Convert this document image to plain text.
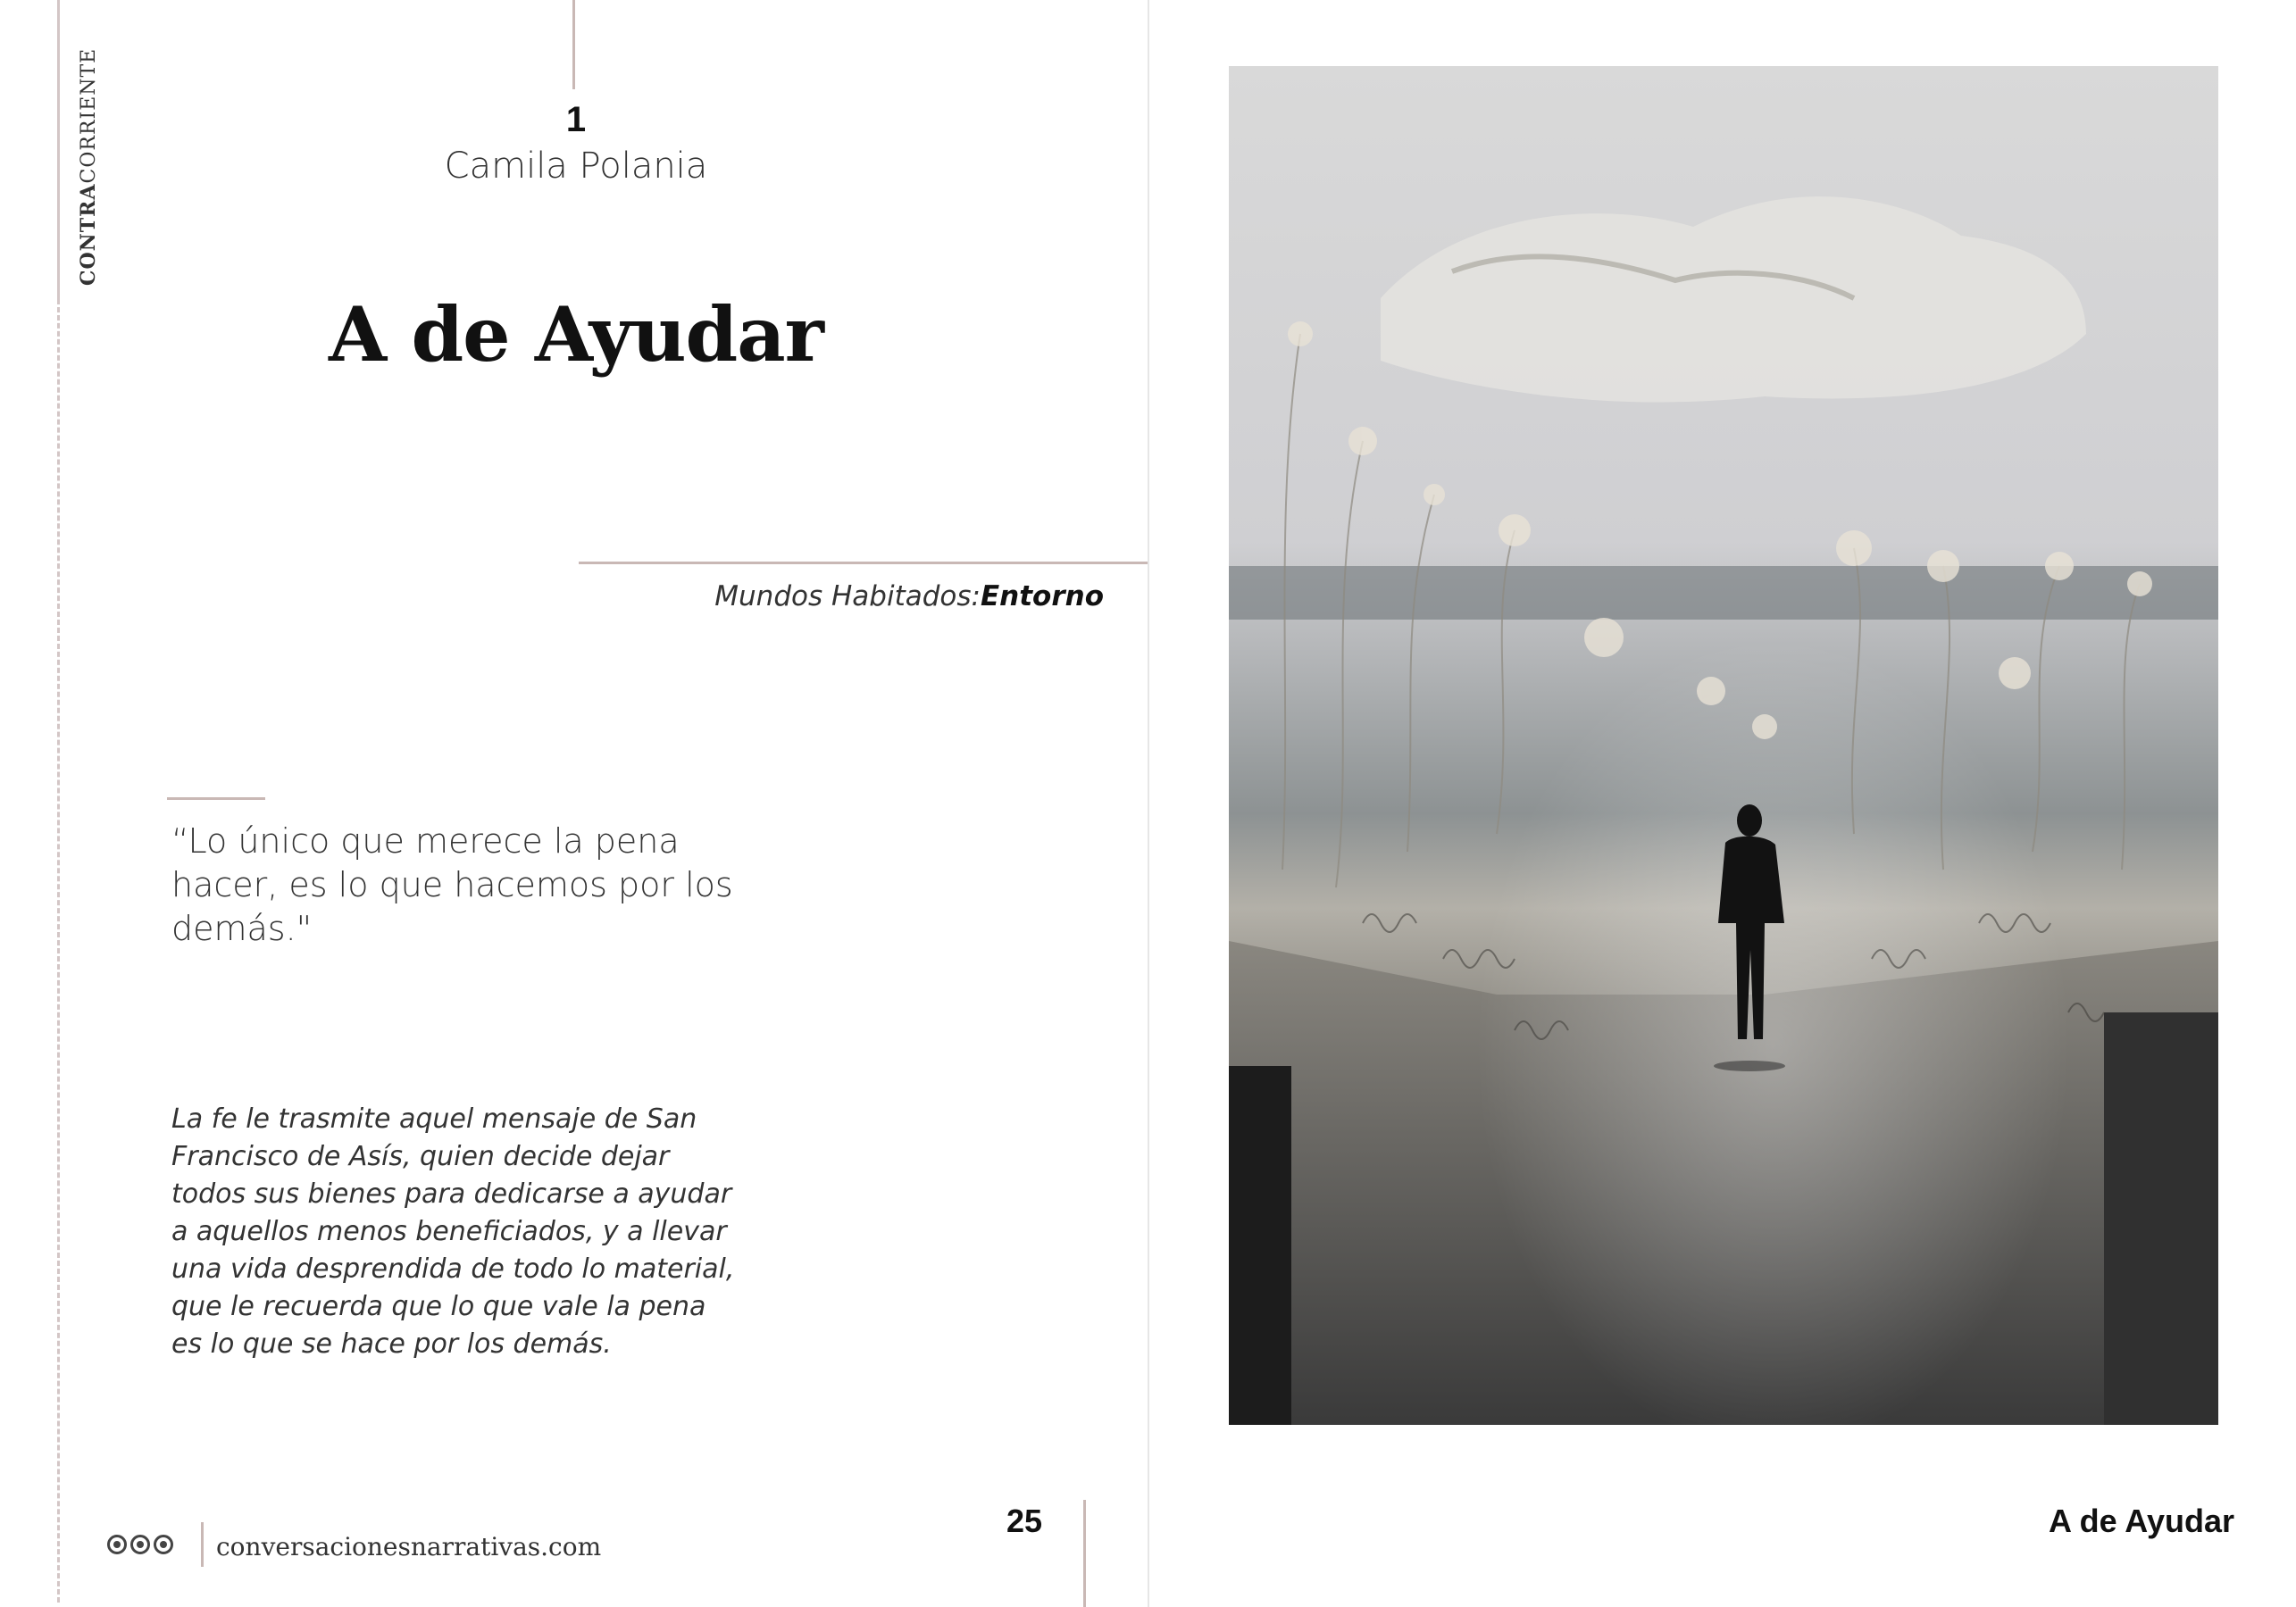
CONTRACORRIENTE	1
Camila Polania
A de Ayudar
Mundos Habitados:Entorno
“Lo único que merece la pena hacer, es lo que hacemos por los demás."
La fe le trasmite aquel mensaje de San Francisco de Asís, quien decide dejar todos sus bienes para dedicarse a ayudar a aquellos menos beneficiados, y a llevar una vida desprendida de todo lo material, que le recuerda que lo que vale la pena es lo que se hace por los demás.
conversacionesnarrativas.com
25	A de Ayudar
